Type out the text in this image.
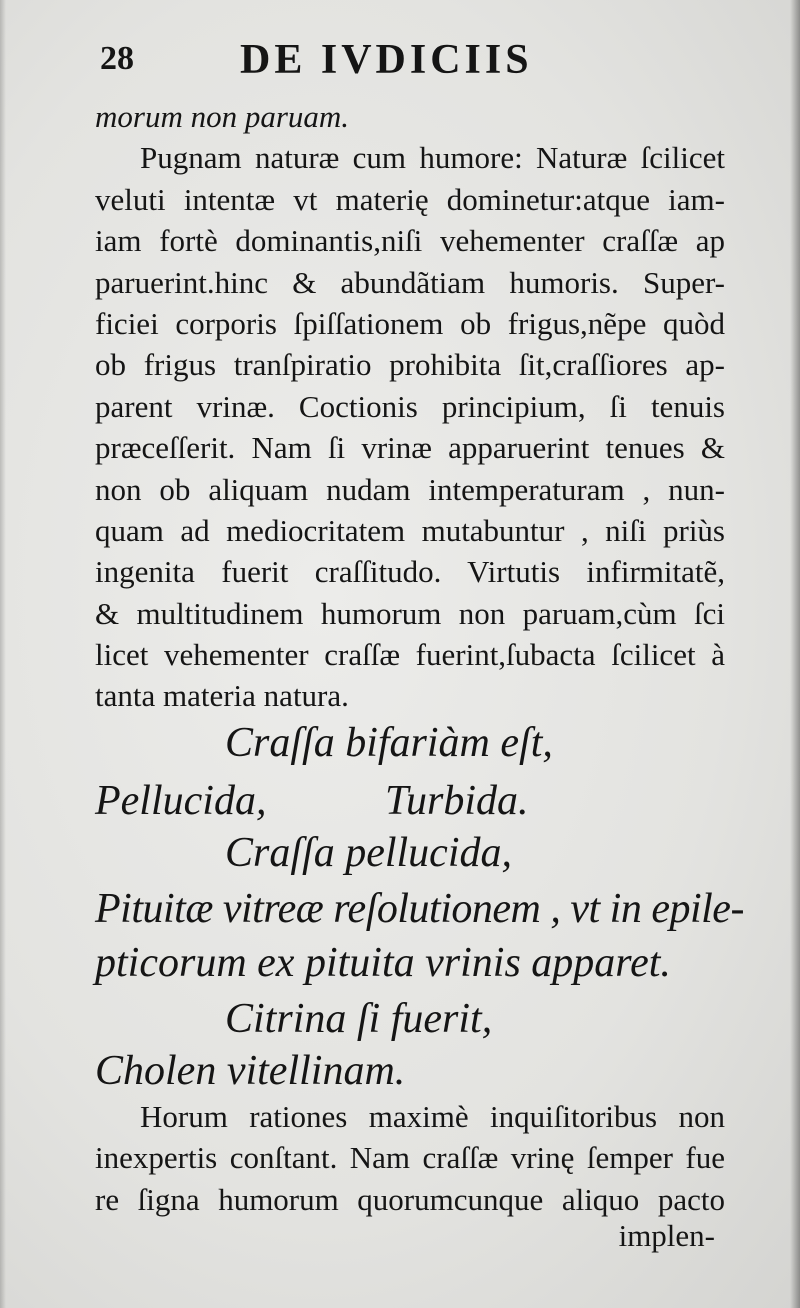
28	DE IVDICIIS
morum non paruam.
Pugnam naturæ cum humore: Naturæ ſcilicet
veluti intentæ vt materię dominetur:atque iam-
iam fortè dominantis,niſi vehementer craſſæ ap
paruerint.hinc & abundãtiam humoris. Super-
ficiei corporis ſpiſſationem ob frigus,nẽpe quòd
ob frigus tranſpiratio prohibita ſit,craſſiores ap-
parent vrinæ. Coctionis principium, ſi tenuis
præceſſerit. Nam ſi vrinæ apparuerint tenues &
non ob aliquam nudam intemperaturam , nun-
quam ad mediocritatem mutabuntur , niſi priùs
ingenita fuerit craſſitudo. Virtutis infirmitatẽ,
& multitudinem humorum non paruam,cùm ſci
licet vehementer craſſæ fuerint,ſubacta ſcilicet à
tanta materia natura.
Craſſa bifariàm eſt,
Pellucida,	Turbida.
Craſſa pellucida,
Pituitæ vitreæ reſolutionem , vt in epile-
pticorum ex pituita vrinis apparet.
Citrina ſi fuerit,
Cholen vitellinam.
Horum rationes maximè inquiſitoribus non
inexpertis conſtant. Nam craſſæ vrinę ſemper fue
re ſigna humorum quorumcunque aliquo pacto
implen-
